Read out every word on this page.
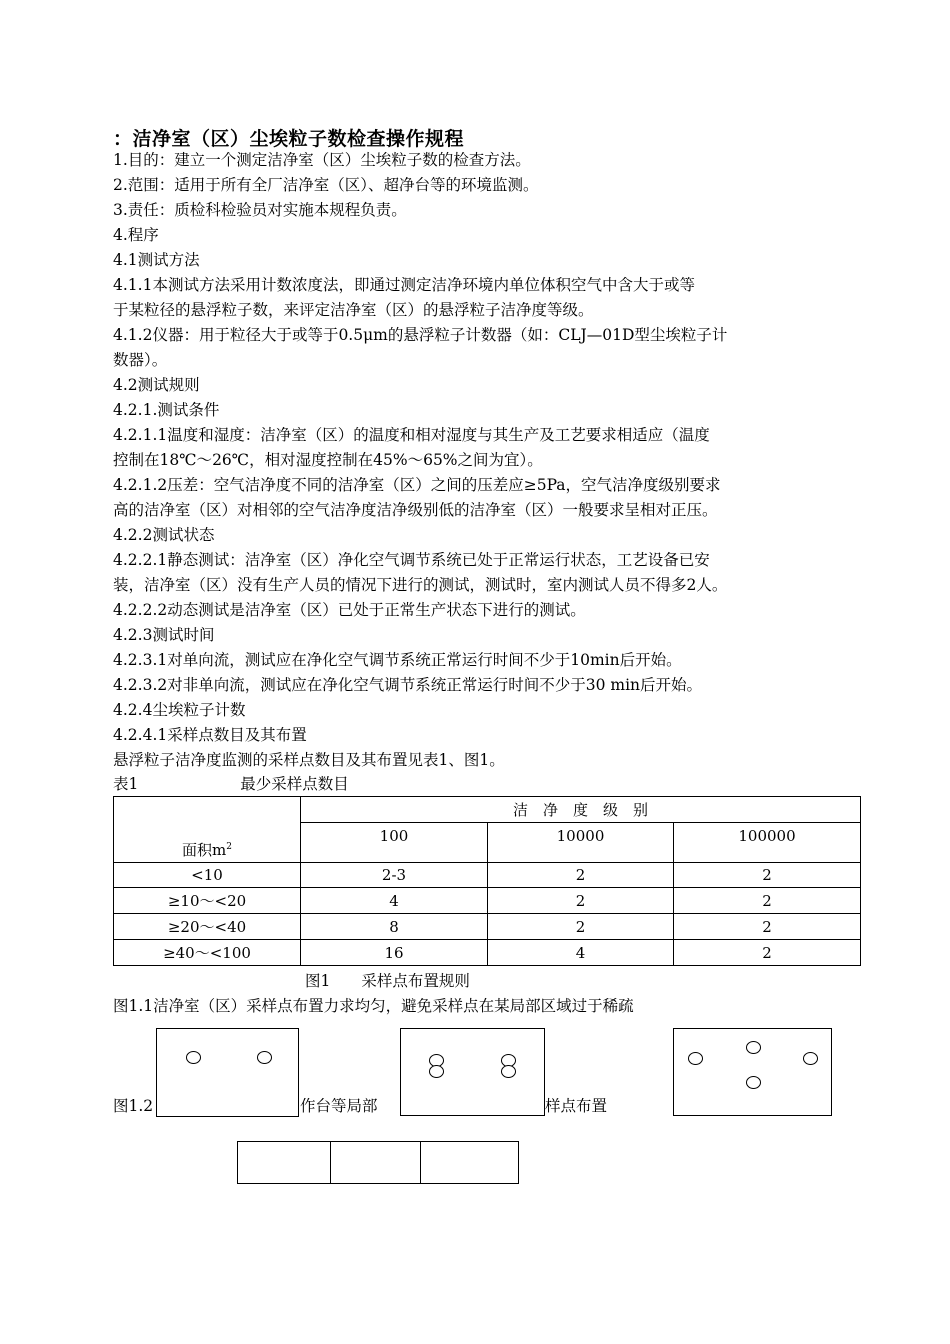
：洁净室（区）尘埃粒子数检查操作规程
1.目的：建立一个测定洁净室（区）尘埃粒子数的检查方法。
2.范围：适用于所有全厂洁净室（区）、超净台等的环境监测。
3.责任：质检科检验员对实施本规程负责。
4.程序
4.1测试方法
4.1.1本测试方法采用计数浓度法，即通过测定洁净环境内单位体积空气中含大于或等
于某粒径的悬浮粒子数，来评定洁净室（区）的悬浮粒子洁净度等级。
4.1.2仪器：用于粒径大于或等于0.5μm的悬浮粒子计数器（如：CLJ—01D型尘埃粒子计
数器）。
4.2测试规则
4.2.1.测试条件
4.2.1.1温度和湿度：洁净室（区）的温度和相对湿度与其生产及工艺要求相适应（温度
控制在18℃～26℃，相对湿度控制在45%～65%之间为宜）。
4.2.1.2压差：空气洁净度不同的洁净室（区）之间的压差应≥5Pa，空气洁净度级别要求
高的洁净室（区）对相邻的空气洁净度洁净级别低的洁净室（区）一般要求呈相对正压。
4.2.2测试状态
4.2.2.1静态测试：洁净室（区）净化空气调节系统已处于正常运行状态，工艺设备已安
装，洁净室（区）没有生产人员的情况下进行的测试，测试时，室内测试人员不得多2人。
4.2.2.2动态测试是洁净室（区）已处于正常生产状态下进行的测试。
4.2.3测试时间
4.2.3.1对单向流，测试应在净化空气调节系统正常运行时间不少于10min后开始。
4.2.3.2对非单向流，测试应在净化空气调节系统正常运行时间不少于30 min后开始。
4.2.4尘埃粒子计数
4.2.4.1采样点数目及其布置
悬浮粒子洁净度监测的采样点数目及其布置见表1、图1。
表1	最少采样点数目
面积$m^2$	洁　净　度　级　别		
	100	10000	100000
<10	2-3	2	2
≥10～<20	4	2	2
≥20～<40	8	2	2
≥40～<100	16	4	2
图1　　采样点布置规则
图1.1洁净室（区）采样点布置力求均匀，避免采样点在某局部区域过于稀疏
图1.2	作台等局部	样点布置
